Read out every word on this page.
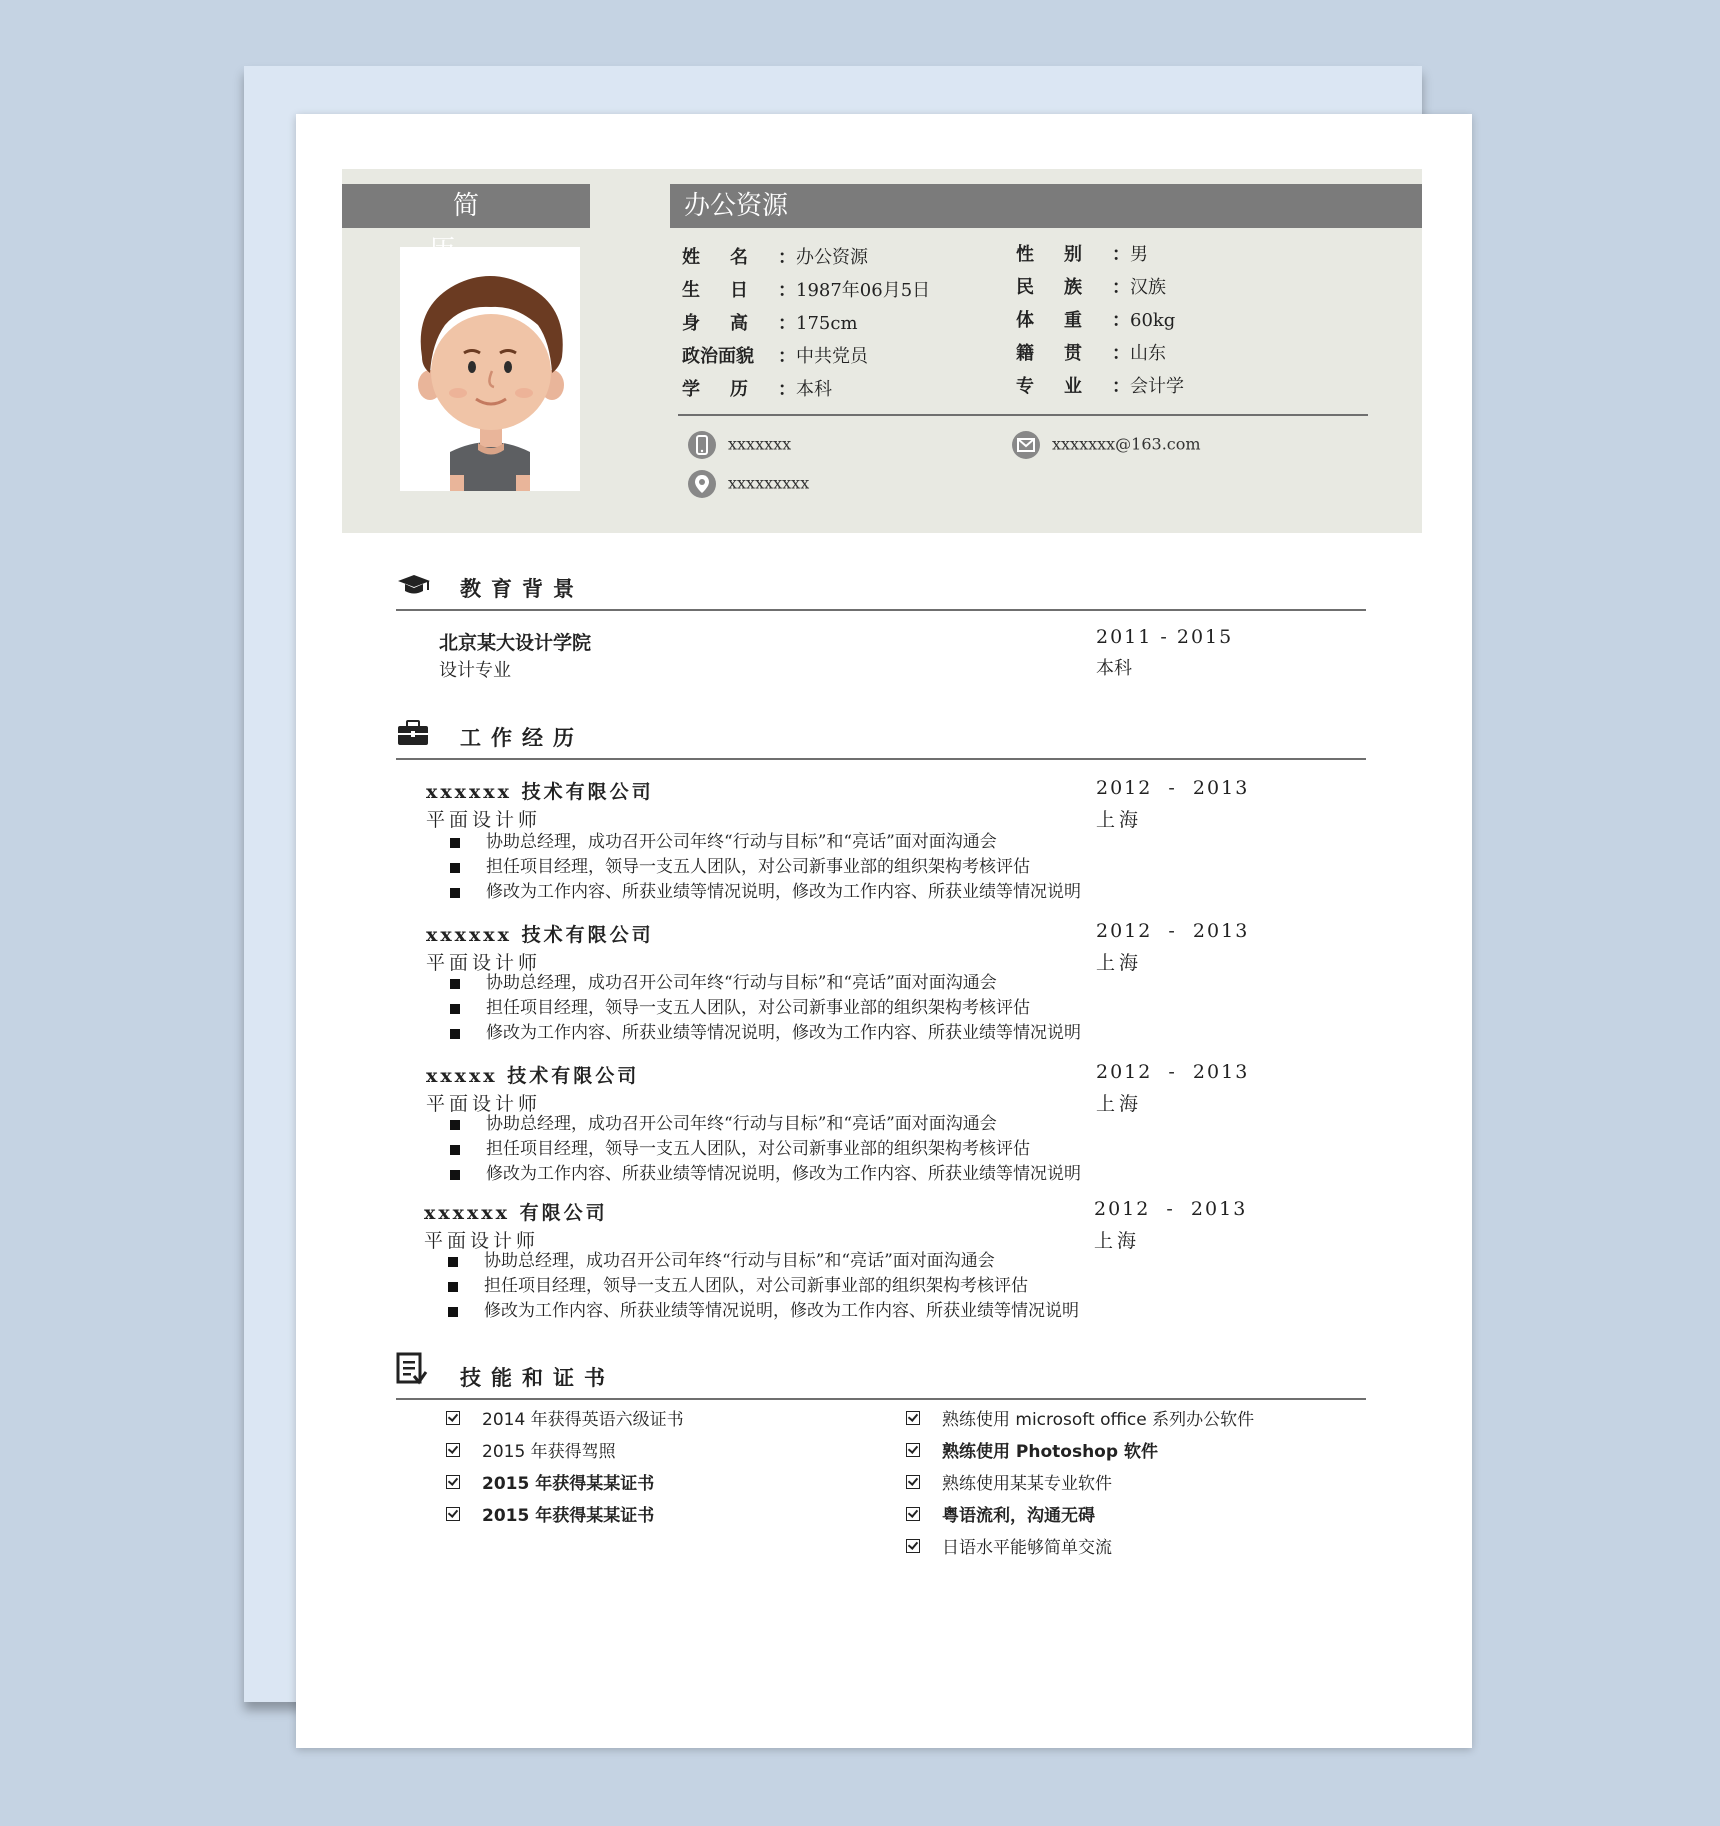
简	办公资源
姓名：办公资源
生日：1987年06月5日
身高：175cm
政治面貌 ：中共党员
学历：本科
性别：男
民族：汉族
体重：60kg
籍贯：山东
专业：会计学
xxxxxxx	xxxxxxx@163.com
xxxxxxxxx
教育背景
北京某大设计学院
设计专业
2011 - 2015
本科
工作经历
xxxxxx 技术有限公司
平面设计师
2012  -  2013
上海
协助总经理，成功召开公司年终“行动与目标”和“亮话”面对面沟通会
担任项目经理，领导一支五人团队，对公司新事业部的组织架构考核评估
修改为工作内容、所获业绩等情况说明，修改为工作内容、所获业绩等情况说明
xxxxxx 技术有限公司
平面设计师
2012  -  2013
上海
协助总经理，成功召开公司年终“行动与目标”和“亮话”面对面沟通会
担任项目经理，领导一支五人团队，对公司新事业部的组织架构考核评估
修改为工作内容、所获业绩等情况说明，修改为工作内容、所获业绩等情况说明
xxxxx 技术有限公司
平面设计师
2012  -  2013
上海
协助总经理，成功召开公司年终“行动与目标”和“亮话”面对面沟通会
担任项目经理，领导一支五人团队，对公司新事业部的组织架构考核评估
修改为工作内容、所获业绩等情况说明，修改为工作内容、所获业绩等情况说明
xxxxxx 有限公司
平面设计师
2012  -  2013
上海
协助总经理，成功召开公司年终“行动与目标”和“亮话”面对面沟通会
担任项目经理，领导一支五人团队，对公司新事业部的组织架构考核评估
修改为工作内容、所获业绩等情况说明，修改为工作内容、所获业绩等情况说明
技能和证书
2014 年获得英语六级证书
2015 年获得驾照
2015 年获得某某证书
2015 年获得某某证书
熟练使用 microsoft office 系列办公软件
熟练使用 Photoshop 软件
熟练使用某某专业软件
粤语流利，沟通无碍
日语水平能够简单交流
